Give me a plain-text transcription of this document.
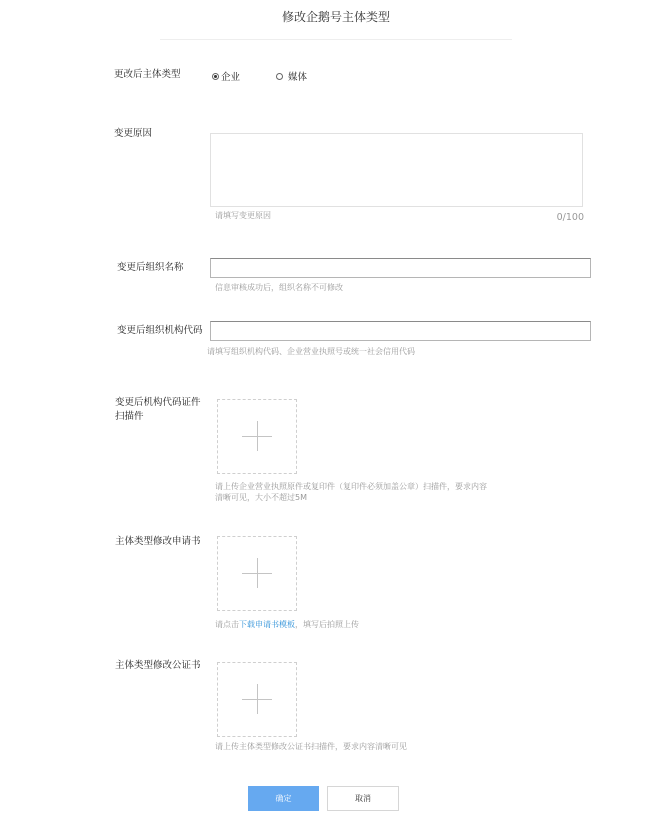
修改企鹅号主体类型
更改后主体类型	企业	媒体
变更原因
请填写变更原因	0/100
变更后组织名称
信息审核成功后，组织名称不可修改
变更后组织机构代码
请填写组织机构代码、企业营业执照号或统一社会信用代码
变更后机构代码证件
扫描件
请上传企业营业执照原件或复印件（复印件必须加盖公章）扫描件，要求内容
清晰可见，大小不超过5M
主体类型修改申请书
请点击下载申请书模板，填写后拍照上传
主体类型修改公证书
请上传主体类型修改公证书扫描件，要求内容清晰可见
确定	取消
